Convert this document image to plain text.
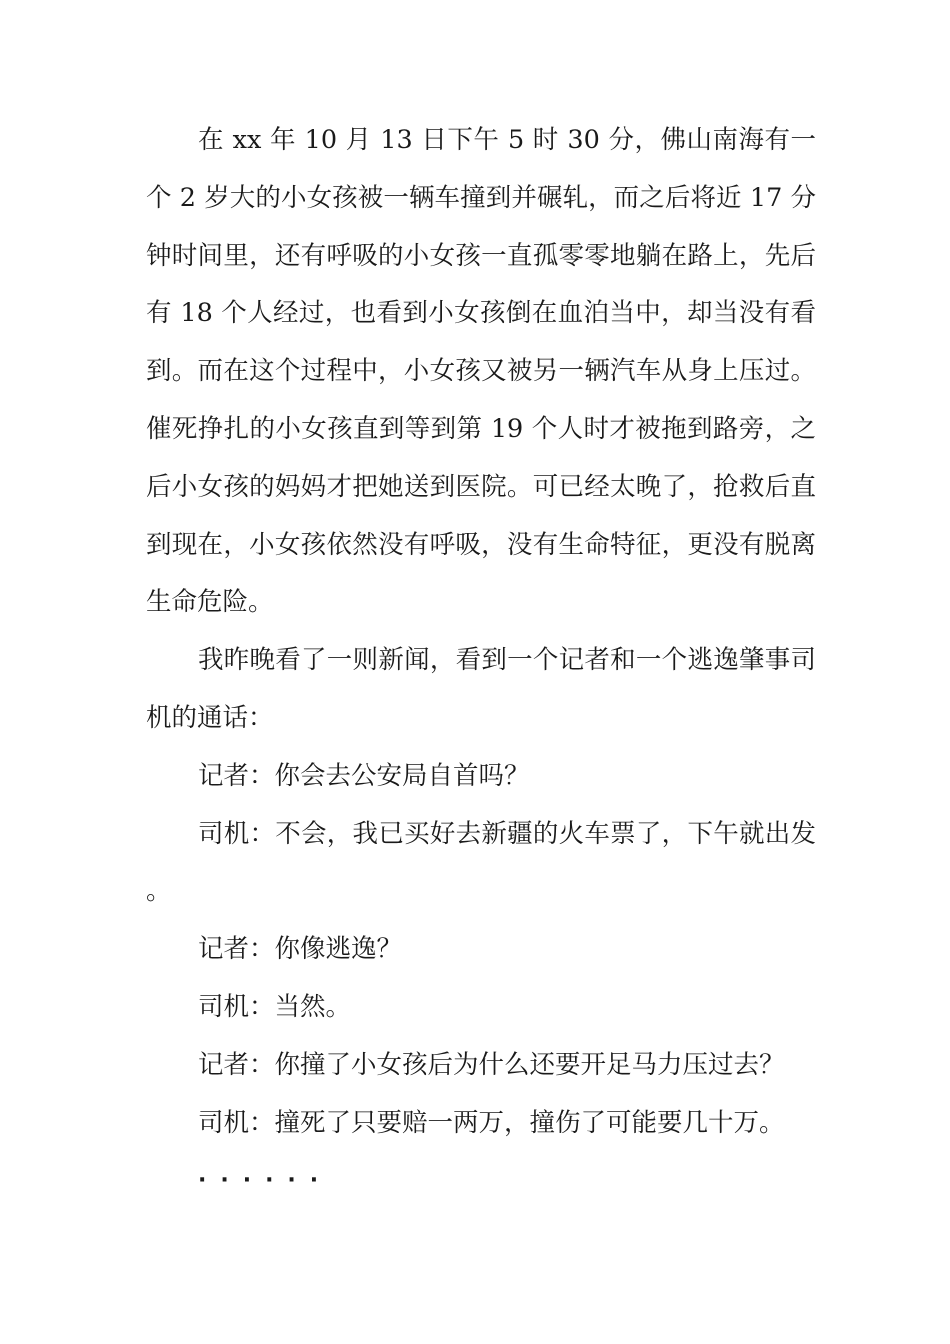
在 xx 年 10 月 13 日下午 5 时 30 分，佛山南海有一个 2 岁大的小女孩被一辆车撞到并碾轧，而之后将近 17 分钟时间里，还有呼吸的小女孩一直孤零零地躺在路上，先后有 18 个人经过，也看到小女孩倒在血泊当中，却当没有看到。而在这个过程中，小女孩又被另一辆汽车从身上压过。催死挣扎的小女孩直到等到第 19 个人时才被拖到路旁，之后小女孩的妈妈才把她送到医院。可已经太晚了，抢救后直到现在，小女孩依然没有呼吸，没有生命特征，更没有脱离生命危险。

我昨晚看了一则新闻，看到一个记者和一个逃逸肇事司机的通话：

记者：你会去公安局自首吗？

司机：不会，我已买好去新疆的火车票了，下午就出发。

记者：你像逃逸？

司机：当然。

记者：你撞了小女孩后为什么还要开足马力压过去？

司机：撞死了只要赔一两万，撞伤了可能要几十万。

······
